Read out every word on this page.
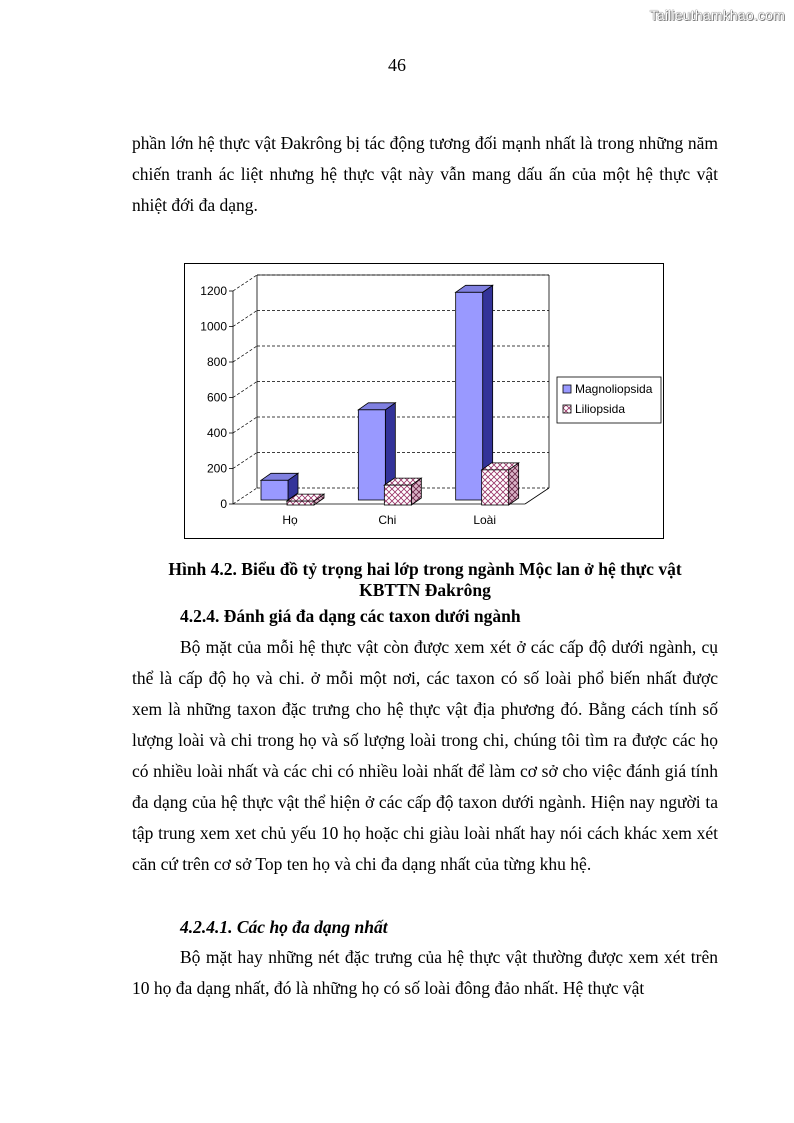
Tailieuthamkhao.com
46

phần lớn hệ thực vật Đakrông bị tác động tương đối mạnh nhất là trong những năm chiến tranh ác liệt nhưng hệ thực vật này vẫn mang dấu ấn của một hệ thực vật nhiệt đới đa dạng.

0
200
400
600
800
1000
1200
Họ	Chi	Loài
Magnoliopsida
Liliopsida
Hình 4.2. Biểu đồ tỷ trọng hai lớp trong ngành Mộc lan ở hệ thực vật
KBTTN Đakrông
4.2.4. Đánh giá đa dạng các taxon dưới ngành

Bộ mặt của mỗi hệ thực vật còn được xem xét ở các cấp độ dưới ngành, cụ thể là cấp độ họ và chi. ở mỗi một nơi, các taxon có số loài phổ biến nhất được xem là những taxon đặc trưng cho hệ thực vật địa phương đó. Bằng cách tính số lượng loài và chi trong họ và số lượng loài trong chi, chúng tôi tìm ra được các họ có nhiều loài nhất và các chi có nhiều loài nhất để làm cơ sở cho việc đánh giá tính đa dạng của hệ thực vật thể hiện ở các cấp độ taxon dưới ngành. Hiện nay người ta tập trung xem xet chủ yếu 10 họ hoặc chi giàu loài nhất hay nói cách khác xem xét căn cứ trên cơ sở Top ten họ và chi đa dạng nhất của từng khu hệ.

4.2.4.1. Các họ đa dạng nhất

Bộ mặt hay những nét đặc trưng của hệ thực vật thường được xem xét trên 10 họ đa dạng nhất, đó là những họ có số loài đông đảo nhất. Hệ thực vật
